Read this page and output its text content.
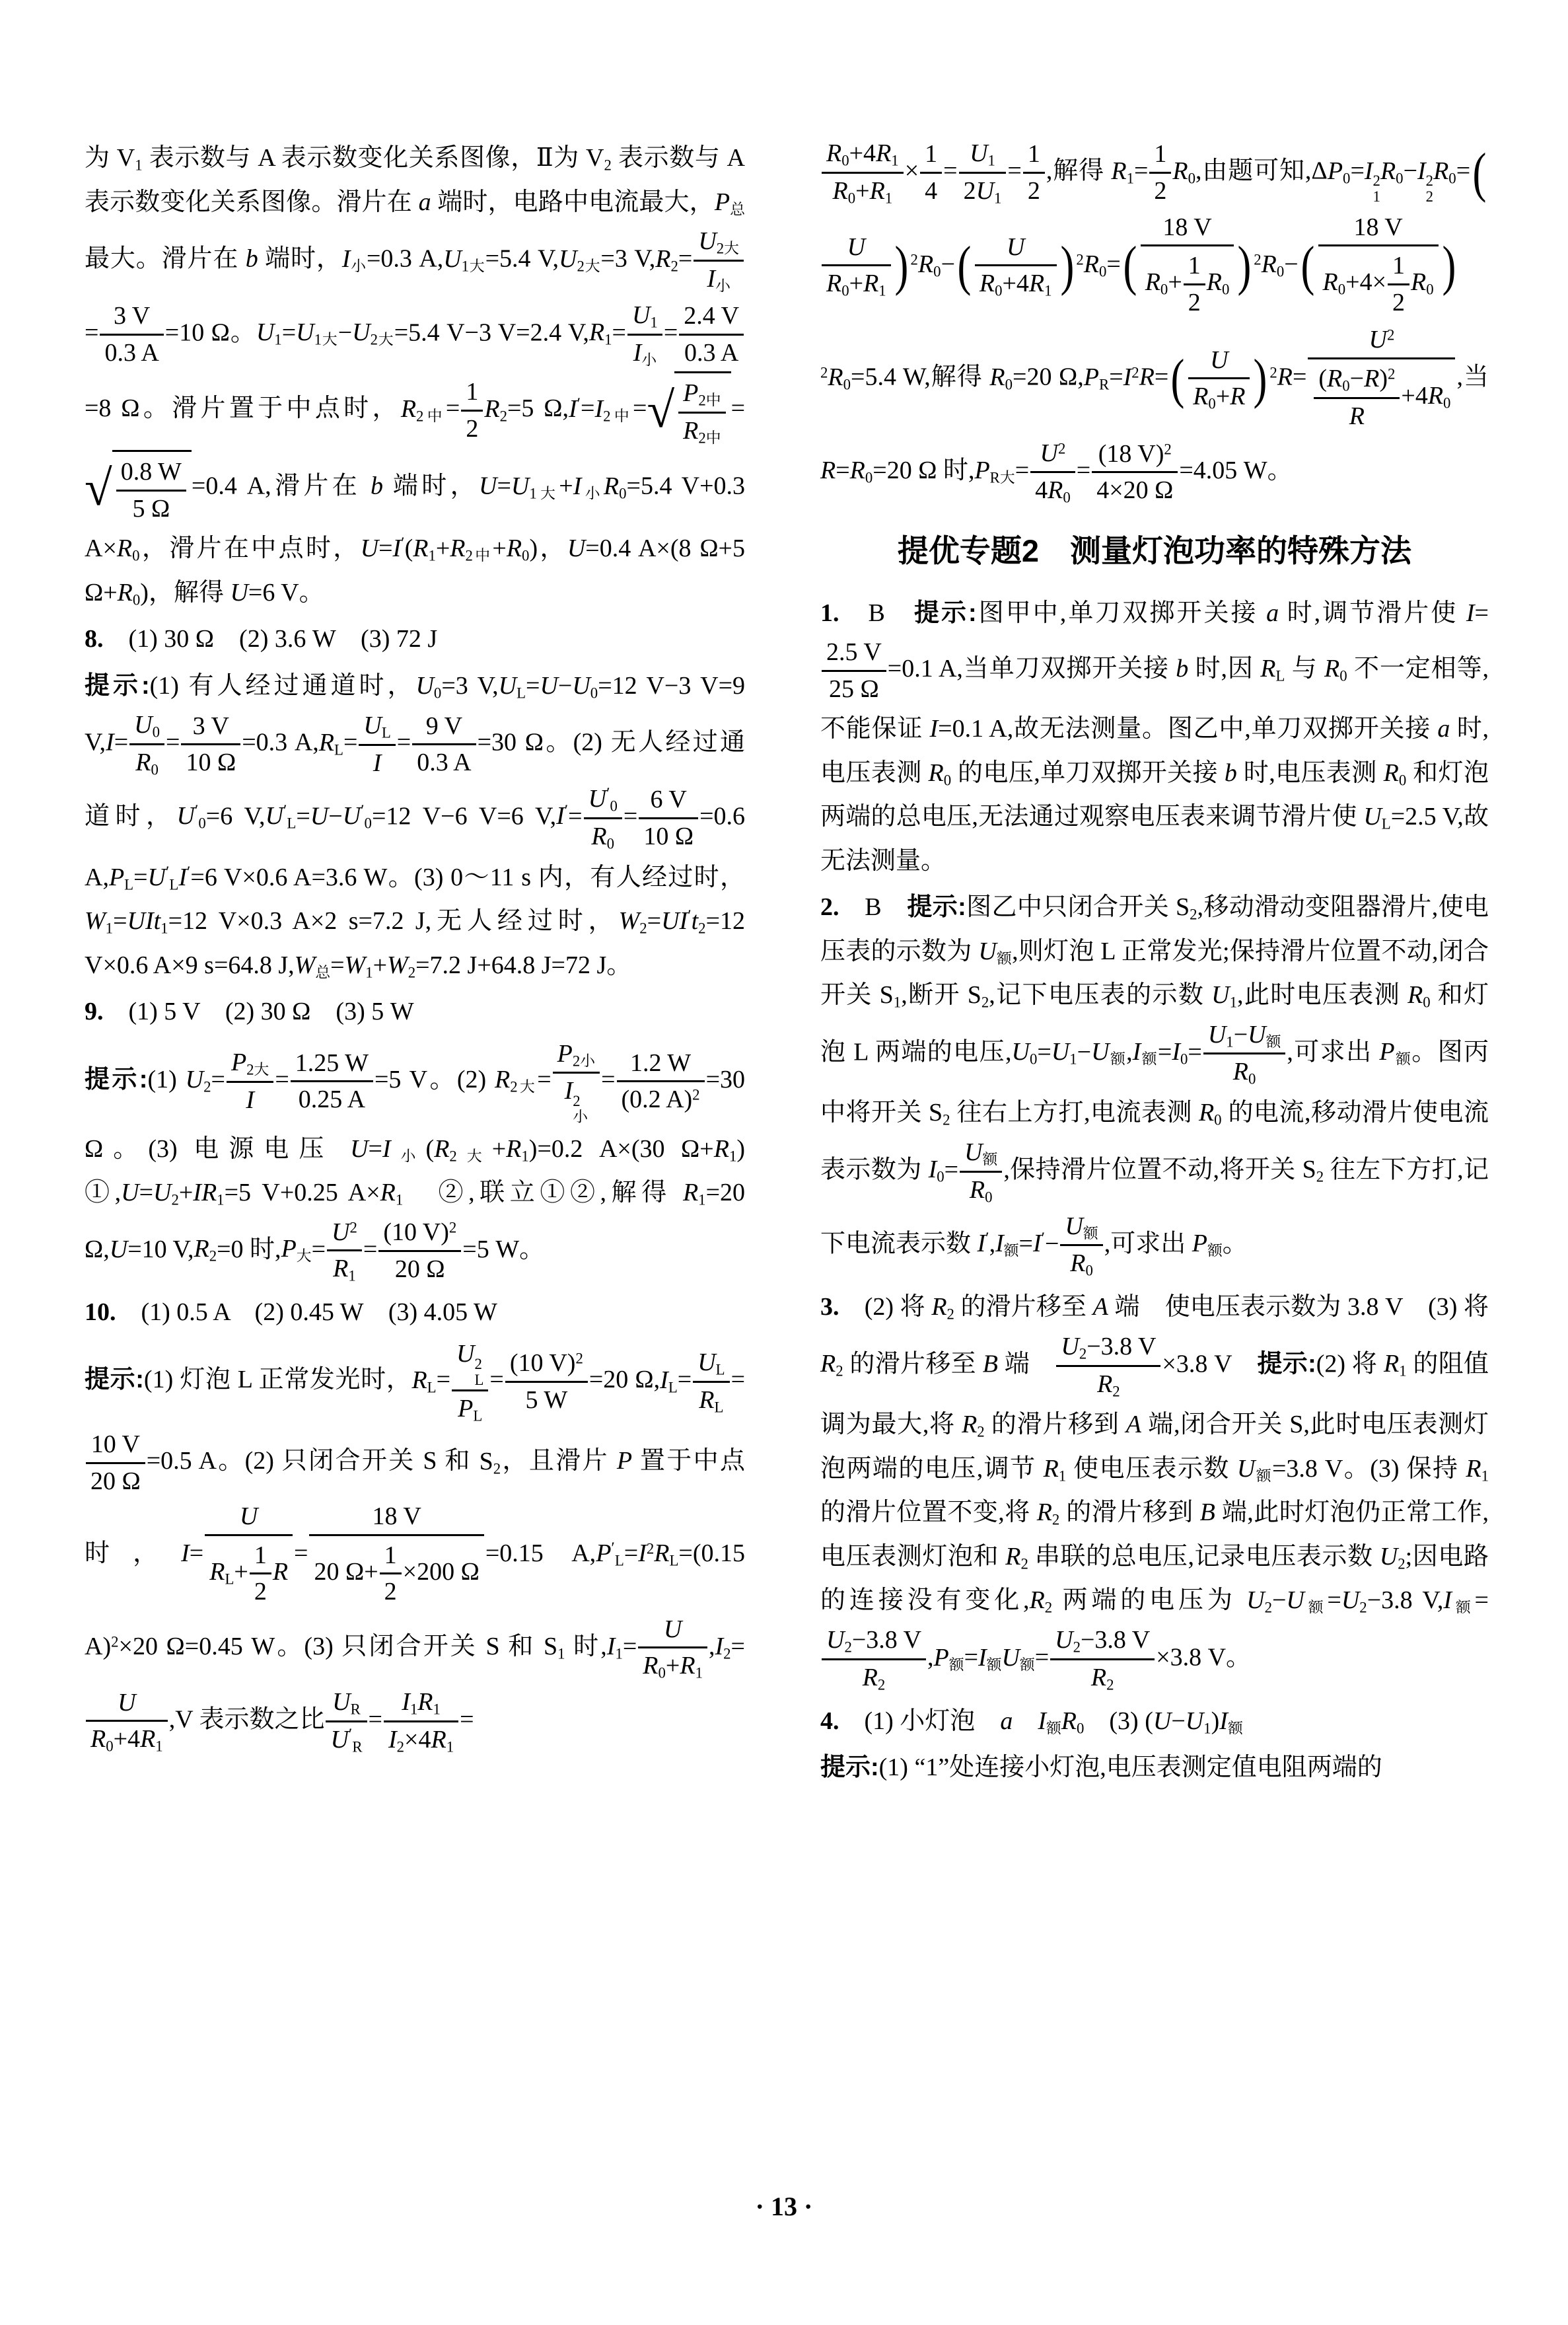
为 V1 表示数与 A 表示数变化关系图像，Ⅱ为 V2 表示数与 A 表示数变化关系图像。滑片在 a 端时，电路中电流最大，P总 最大。滑片在 b 端时，I小=0.3 A,U1大=5.4 V,U2大=3 $V,R2= \frac{\text{U2大}}{\text{I小}}$
= $\frac{3 V}{0.3 A} =10$ Ω。U1=U1大−U2大=5.4 V−3 V=2.4 $V,R1= \frac{U1}{\text{I小}} = \frac{2.4 V}{0.3 A}$
=8 Ω。滑片置于中点时，R2中= $\frac{1}{2} R2=5$ Ω,I′=I2中= √ $\frac{\text{P2中}}{\text{R2中}}$ =
√ $\frac{0.8 W}{5 \Omega} =0.4$ A,滑片在 b 端时，U=U1大+I小R0=5.4 V+0.3 A×R0，滑片在中点时，U=I′(R1+R2中+R0)，U=0.4 A×(8 Ω+5 Ω+R0)，解得 U=6 V。
8.　(1) 30 Ω　(2) 3.6 W　(3) 72 J
提示:(1) 有人经过通道时，U0=3 V,UL=U−U0=12 V−3 V=9 $V,I= \frac{U0}{R0} = \frac{3 V}{10 \Omega} =0.3$ $A,RL= \frac{UL}{I} = \frac{9 V}{0.3 A} =30$ Ω。(2) 无人经过通道时，U′0=6 V,U′L=U−U′0=12 V−6 V=6 $V,I'= \frac{U'0}{R0} = \frac{6 V}{10 \Omega} =0.6$ A,PL=U′LI′=6 V×0.6 A=3.6 W。(3) 0～11 s 内，有人经过时，W1=UIt1=12 V×0.3 A×2 s=7.2 J,无人经过时，W2=UI′t2=12 V×0.6 A×9 s=64.8 J,W总=W1+W2=7.2 J+64.8 J=72 J。
9.　(1) 5 V　(2) 30 Ω　(3) 5 W
提示:(1) $U2= \frac{\text{P2大}}{I} = \frac{1.25 W}{0.25 A} =5$ V。(2) R2大= P2小
I 2
小 = $\frac{1.2 W}{(0.2 A)^2} =30$ Ω。(3) 电源电压 U=I小(R2大+R1)=0.2 A×(30 Ω+R1)　①,U=U2+IR1=5 V+0.25 A×R1　②,联立①②,解得 R1=20 Ω,U=10 V,R2=0 时,P大= $\frac{U^2}{R1} = \frac{(10 V)^2}{20 \Omega} =5$ W。
10.　(1) 0.5 A　(2) 0.45 W　(3) 4.05 W
提示:(1) 灯泡 L 正常发光时，RL= U 2
L
PL = $\frac{(10 V)^2}{5 W} =20$ $\Omega,IL= \frac{UL}{RL}$ =
$\frac{10 V}{20 \Omega} =0.5$ A。(2) 只闭合开关 S 和 S2，且滑片 P 置于中点时，$I= \frac{U}{RL+ \frac{1}{2} R} = \frac{18 V}{20 \Omega+ \frac{1}{2} \times 200 \Omega} =0.15$ $A,P'L=I^2RL=(0.15$ A)$^2$×20 Ω=0.45 W。(3) 只闭合开关 S 和 S1 时$,I1= \frac{U}{R0+R1} ,I2=$
$\frac{U}{R0+4R1} ,V$ 表示数之比 $\frac{UR}{U'R} = \frac{I1R1}{I2\times 4R1}$ =
$\frac{R0+4R1}{R0+R1} \times \frac{1}{4} = \frac{U1}{2U1} = \frac{1}{2}$ ,解得 $R1= \frac{1}{2} R0$,由题可知,ΔP0=I 2
1
R0−I 2
2
R0=(
$\frac{U}{R0+R1}$ ) $^2R0-( \frac{U}{R0+4R1}$ ) $^2R0=( \frac{18 V}{R0+ \frac{1}{2} R0}$ ) $^2R0-( \frac{18 V}{R0+4\times \frac{1}{2} R0} )^2R0=5.4$ W,解得 R0=20 $\Omega,PR=I^2R=( \frac{U}{R0+R}$ ) $^2R= \frac{U^2}{\frac{(R0-R)^2}{R} +4R0}$ ,当 R=R0=20 Ω 时,PR大= $\frac{U^2}{4R0} = \frac{(18 V)^2}{4\times 20 \Omega} =4.05$ W。
提优专题2　测量灯泡功率的特殊方法
1.　B　提示:图甲中,单刀双掷开关接 a 时,调节滑片使 I=
$\frac{2.5 V}{25 \Omega} =0.1$ A,当单刀双掷开关接 b 时,因 RL 与 R0 不一定相等,不能保证 I=0.1 A,故无法测量。图乙中,单刀双掷开关接 a 时,电压表测 R0 的电压,单刀双掷开关接 b 时,电压表测 R0 和灯泡两端的总电压,无法通过观察电压表来调节滑片使 UL=2.5 V,故无法测量。
2.　B　提示:图乙中只闭合开关 S2,移动滑动变阻器滑片,使电压表的示数为 U额,则灯泡 L 正常发光;保持滑片位置不动,闭合开关 S1,断开 S2,记下电压表的示数 U1,此时电压表测 R0 和灯泡 L 两端的电压,U0=U1−U额,I额$=I0= \frac{\text{U1−U额}}{R0}$ ,可求出 P额。图丙中将开关 S2 往右上方打,电流表测 R0 的电流,移动滑片使电流表示数为 $I0= \frac{\text{U额}}{R0}$ ,保持滑片位置不动,将开关 S2 往左下方打,记下电流表示数 I′,I额$=I'- \frac{\text{U额}}{R0}$ ,可求出 P额。
3.　(2) 将 R2 的滑片移至 A 端　使电压表示数为 3.8 V　(3) 将 R2 的滑片移至 B 端　 $\frac{U2-3.8 V}{R2} \times 3.8$ V　提示:(2) 将 R1 的阻值调为最大,将 R2 的滑片移到 A 端,闭合开关 S,此时电压表测灯泡两端的电压,调节 R1 使电压表示数 U额=3.8 V。(3) 保持 R1 的滑片位置不变,将 R2 的滑片移到 B 端,此时灯泡仍正常工作,电压表测灯泡和 R2 串联的总电压,记录电压表示数 U2;因电路的连接没有变化,R2 两端的电压为 U2−U额=U2−3.8 V,I额=
$\frac{U2-3.8 V}{R2} ,P$额=I额U额= $\frac{U2-3.8 V}{R2} \times 3.8$ V。
4.　(1) 小灯泡　a　 I额R0　(3) (U−U1)I额
提示:(1) “1”处连接小灯泡,电压表测定值电阻两端的
· 13 ·
